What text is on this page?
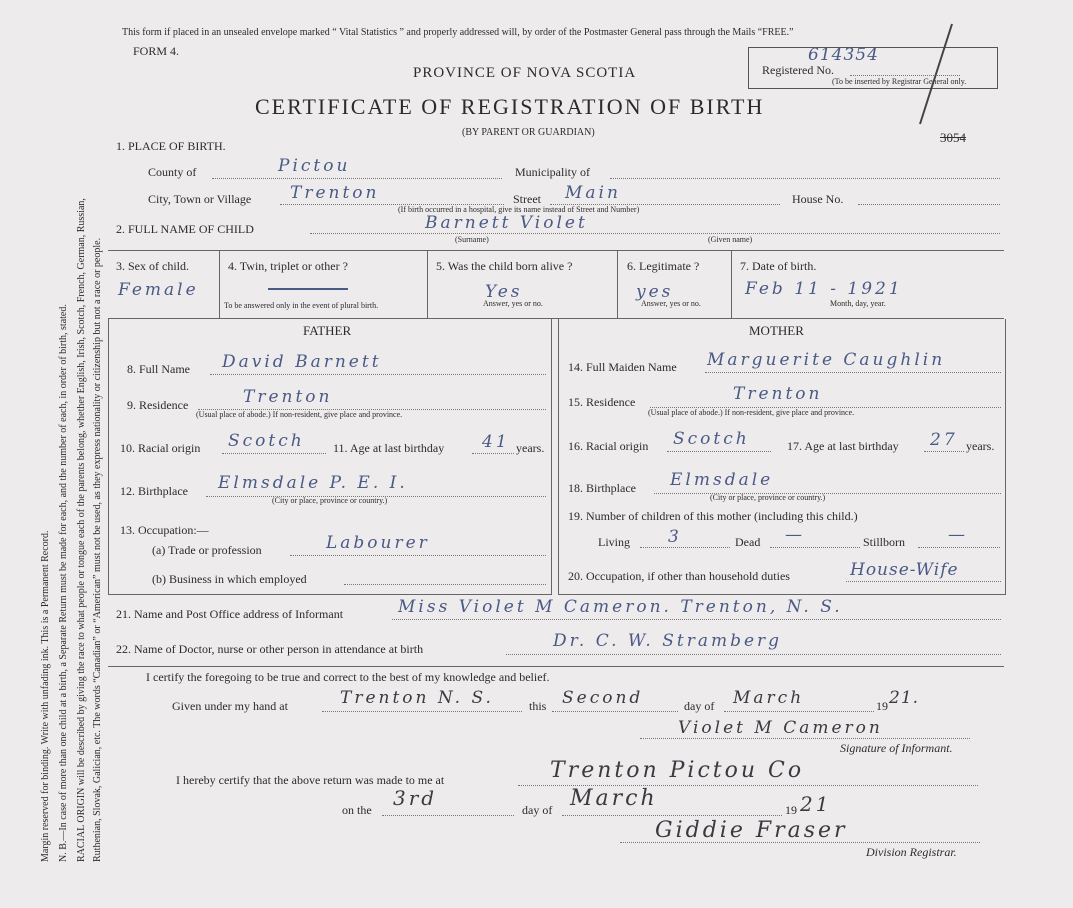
Margin reserved for binding. Write with unfading ink. This is a Permanent Record. N. B.—In case of more than one child at a birth, a Separate Return must be made for each, and the number of each, in order of birth, stated. RACIAL ORIGIN will be described by giving the race to what people or tongue each of the parents belong, whether English, Irish, Scotch, French, German, Russian, Ruthenian, Slovak, Galician, etc. The words “Canadian” or “American” must not be used, as they express nationality or citizenship but not a race or people.
This form if placed in an unsealed envelope marked “ Vital Statistics ” and properly addressed will, by order of the Postmaster General pass through the Mails “FREE.”
FORM 4.
PROVINCE OF NOVA SCOTIA
CERTIFICATE OF REGISTRATION OF BIRTH
(BY PARENT OR GUARDIAN)
614354
Registered No.
(To be inserted by Registrar General only.
3054
1. PLACE OF BIRTH.
County of	Pictou	Municipality of
City, Town or Village Trenton	Street Main	House No.
(If birth occurred in a hospital, give its name instead of Street and Number)
2. FULL NAME OF CHILD	Barnett Violet
(Surname)	(Given name)
3. Sex of child.
Female
4. Twin, triplet or other ?
To be answered only in the event of plural birth.
5. Was the child born alive ?
Yes
Answer, yes or no.
6. Legitimate ?
yes
Answer, yes or no.
7. Date of birth.
Feb 11 - 1921
Month, day, year.
FATHER	MOTHER
8. Full Name David Barnett
9. Residence	Trenton
(Usual place of abode.) If non-resident, give place and province.
10. Racial origin Scotch 11. Age at last birthday 41 years.
12. Birthplace Elmsdale P. E. I.
(City or place, province or country.)
13. Occupation:—
(a) Trade or profession	Labourer
(b) Business in which employed
14. Full Maiden Name Marguerite Caughlin
15. Residence	Trenton
(Usual place of abode.) If non-resident, give place and province.
16. Racial origin Scotch	17. Age at last birthday 27 years.
18. Birthplace Elmsdale
(City or place, province or country.)
19. Number of children of this mother (including this child.)
Living 3	Dead —	Stillborn	—
20. Occupation, if other than household duties	House-Wife
21. Name and Post Office address of Informant	Miss Violet M Cameron. Trenton, N. S.
22. Name of Doctor, nurse or other person in attendance at birth	Dr. C. W. Stramberg
I certify the foregoing to be true and correct to the best of my knowledge and belief.
Given under my hand at	Trenton N. S.	this Second	day of March	19 21.
Violet M Cameron
Signature of Informant.
I hereby certify that the above return was made to me at	Trenton Pictou Co
on the 3rd	day of March	19 21
Giddie Fraser
Division Registrar.
